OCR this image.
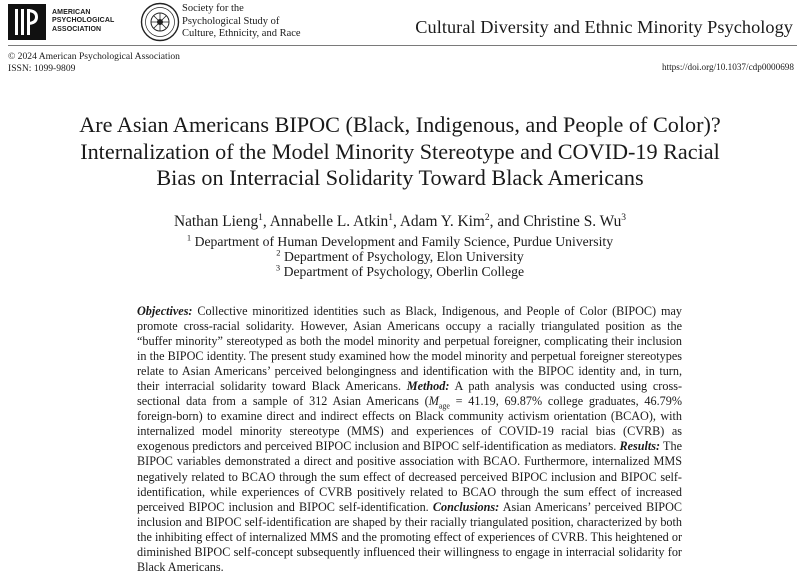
AMERICAN
PSYCHOLOGICAL
ASSOCIATION
Society for the
Psychological Study of
Culture, Ethnicity, and Race	Cultural Diversity and Ethnic Minority Psychology
© 2024 American Psychological Association
ISSN: 1099-9809	https://doi.org/10.1037/cdp0000698
Are Asian Americans BIPOC (Black, Indigenous, and People of Color)?
Internalization of the Model Minority Stereotype and COVID-19 Racial
Bias on Interracial Solidarity Toward Black Americans
Nathan Lieng$^1$, Annabelle L. Atkin$^1$, Adam Y. Kim$^2$, and Christine S. Wu$^3$
$^1$ Department of Human Development and Family Science, Purdue University
$^2$ Department of Psychology, Elon University
$^3$ Department of Psychology, Oberlin College

Objectives: Collective minoritized identities such as Black, Indigenous, and People of Color (BIPOC) may promote cross-racial solidarity. However, Asian Americans occupy a racially triangulated position as the “buffer minority” stereotyped as both the model minority and perpetual foreigner, complicating their inclusion in the BIPOC identity. The present study examined how the model minority and perpetual foreigner stereotypes relate to Asian Americans’ perceived belongingness and identification with the BIPOC identity and, in turn, their interracial solidarity toward Black Americans. Method: A path analysis was conducted using cross-sectional data from a sample of 312 Asian Americans ($M_{age} = 41.19$, 69.87% college graduates, 46.79% foreign-born) to examine direct and indirect effects on Black community activism orientation (BCAO), with internalized model minority stereotype (MMS) and experiences of COVID-19 racial bias (CVRB) as exogenous predictors and perceived BIPOC inclusion and BIPOC self-identification as mediators. Results: The BIPOC variables demonstrated a direct and positive association with BCAO. Furthermore, internalized MMS negatively related to BCAO through the sum effect of decreased perceived BIPOC inclusion and BIPOC self-identification, while experiences of CVRB positively related to BCAO through the sum effect of increased perceived BIPOC inclusion and BIPOC self-identification. Conclusions: Asian Americans’ perceived BIPOC inclusion and BIPOC self-identification are shaped by their racially triangulated position, characterized by both the inhibiting effect of internalized MMS and the promoting effect of experiences of CVRB. This heightened or diminished BIPOC self-concept subsequently influenced their willingness to engage in interracial solidarity for Black Americans.
